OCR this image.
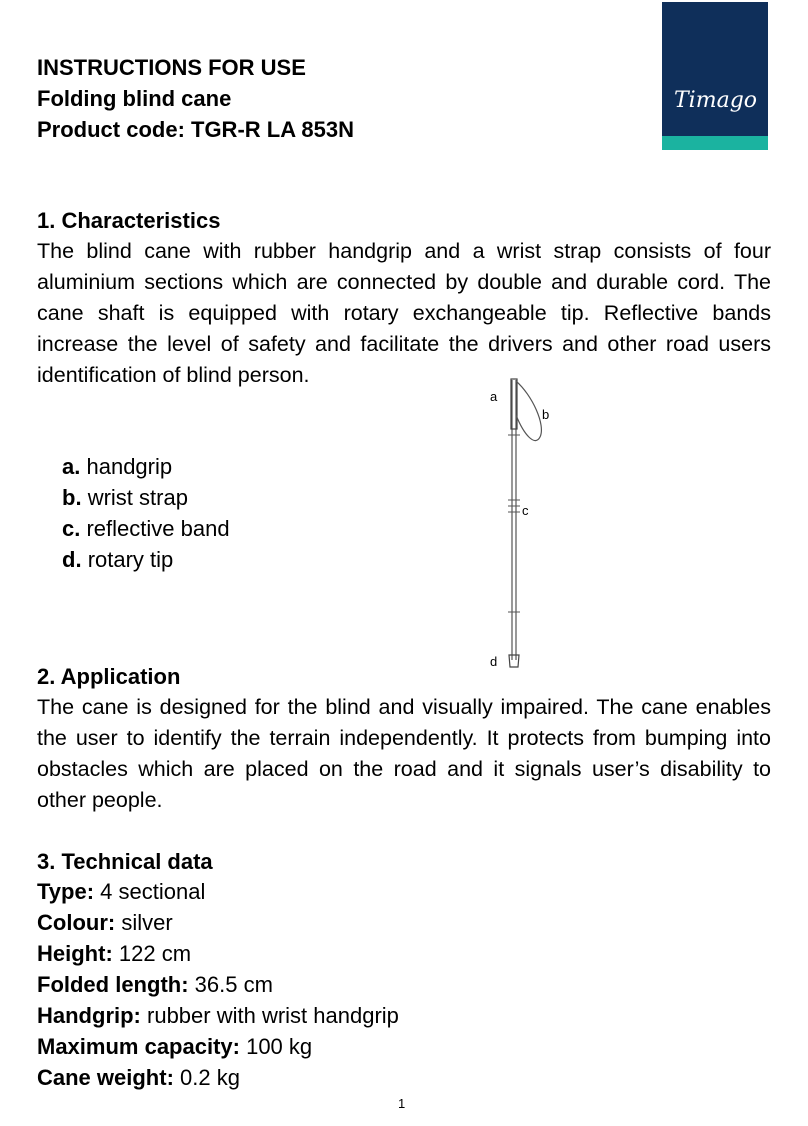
INSTRUCTIONS FOR USE
Folding blind cane
Product code: TGR-R LA 853N
Timago
1. Characteristics

The blind cane with rubber handgrip and a wrist strap consists of four aluminium sections which are connected by double and durable cord. The cane shaft is equipped with rotary exchangeable tip. Reflective bands increase the level of safety and facilitate the drivers and other road users identification of blind person.

a. handgrip
b. wrist strap
c. reflective band
d. rotary tip
a
b
c
d
2. Application

The cane is designed for the blind and visually impaired. The cane enables the user to identify the terrain independently. It protects from bumping into obstacles which are placed on the road and it signals user’s disability to other people.

3. Technical data
Type: 4 sectional
Colour: silver
Height: 122 cm
Folded length: 36.5 cm
Handgrip: rubber with wrist handgrip
Maximum capacity: 100 kg
Cane weight: 0.2 kg
1
